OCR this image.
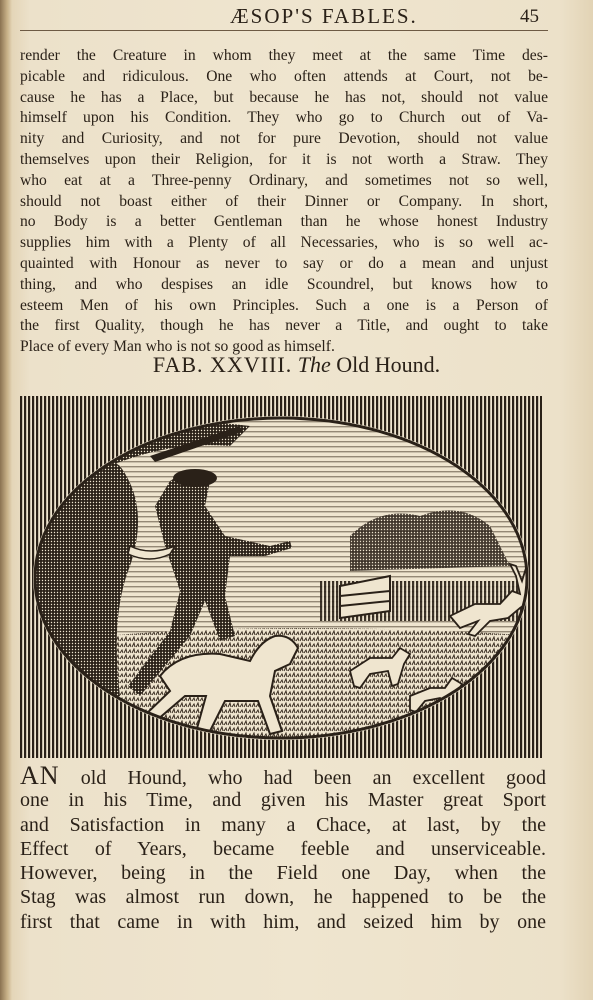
ÆSOP'S FABLES.	45
render the Creature in whom they meet at the same Time des-
picable and ridiculous. One who often attends at Court, not be-
cause he has a Place, but because he has not, should not value
himself upon his Condition. They who go to Church out of Va-
nity and Curiosity, and not for pure Devotion, should not value
themselves upon their Religion, for it is not worth a Straw. They
who eat at a Three-penny Ordinary, and sometimes not so well,
should not boast either of their Dinner or Company. In short,
no Body is a better Gentleman than he whose honest Industry
supplies him with a Plenty of all Necessaries, who is so well ac-
quainted with Honour as never to say or do a mean and unjust
thing, and who despises an idle Scoundrel, but knows how to
esteem Men of his own Principles. Such a one is a Person of
the first Quality, though he has never a Title, and ought to take
Place of every Man who is not so good as himself.
FAB. XXVIII. The Old Hound.
AN old Hound, who had been an excellent good
one in his Time, and given his Master great Sport
and Satisfaction in many a Chace, at last, by the
Effect of Years, became feeble and unserviceable.
However, being in the Field one Day, when the
Stag was almost run down, he happened to be the
first that came in with him, and seized him by one
